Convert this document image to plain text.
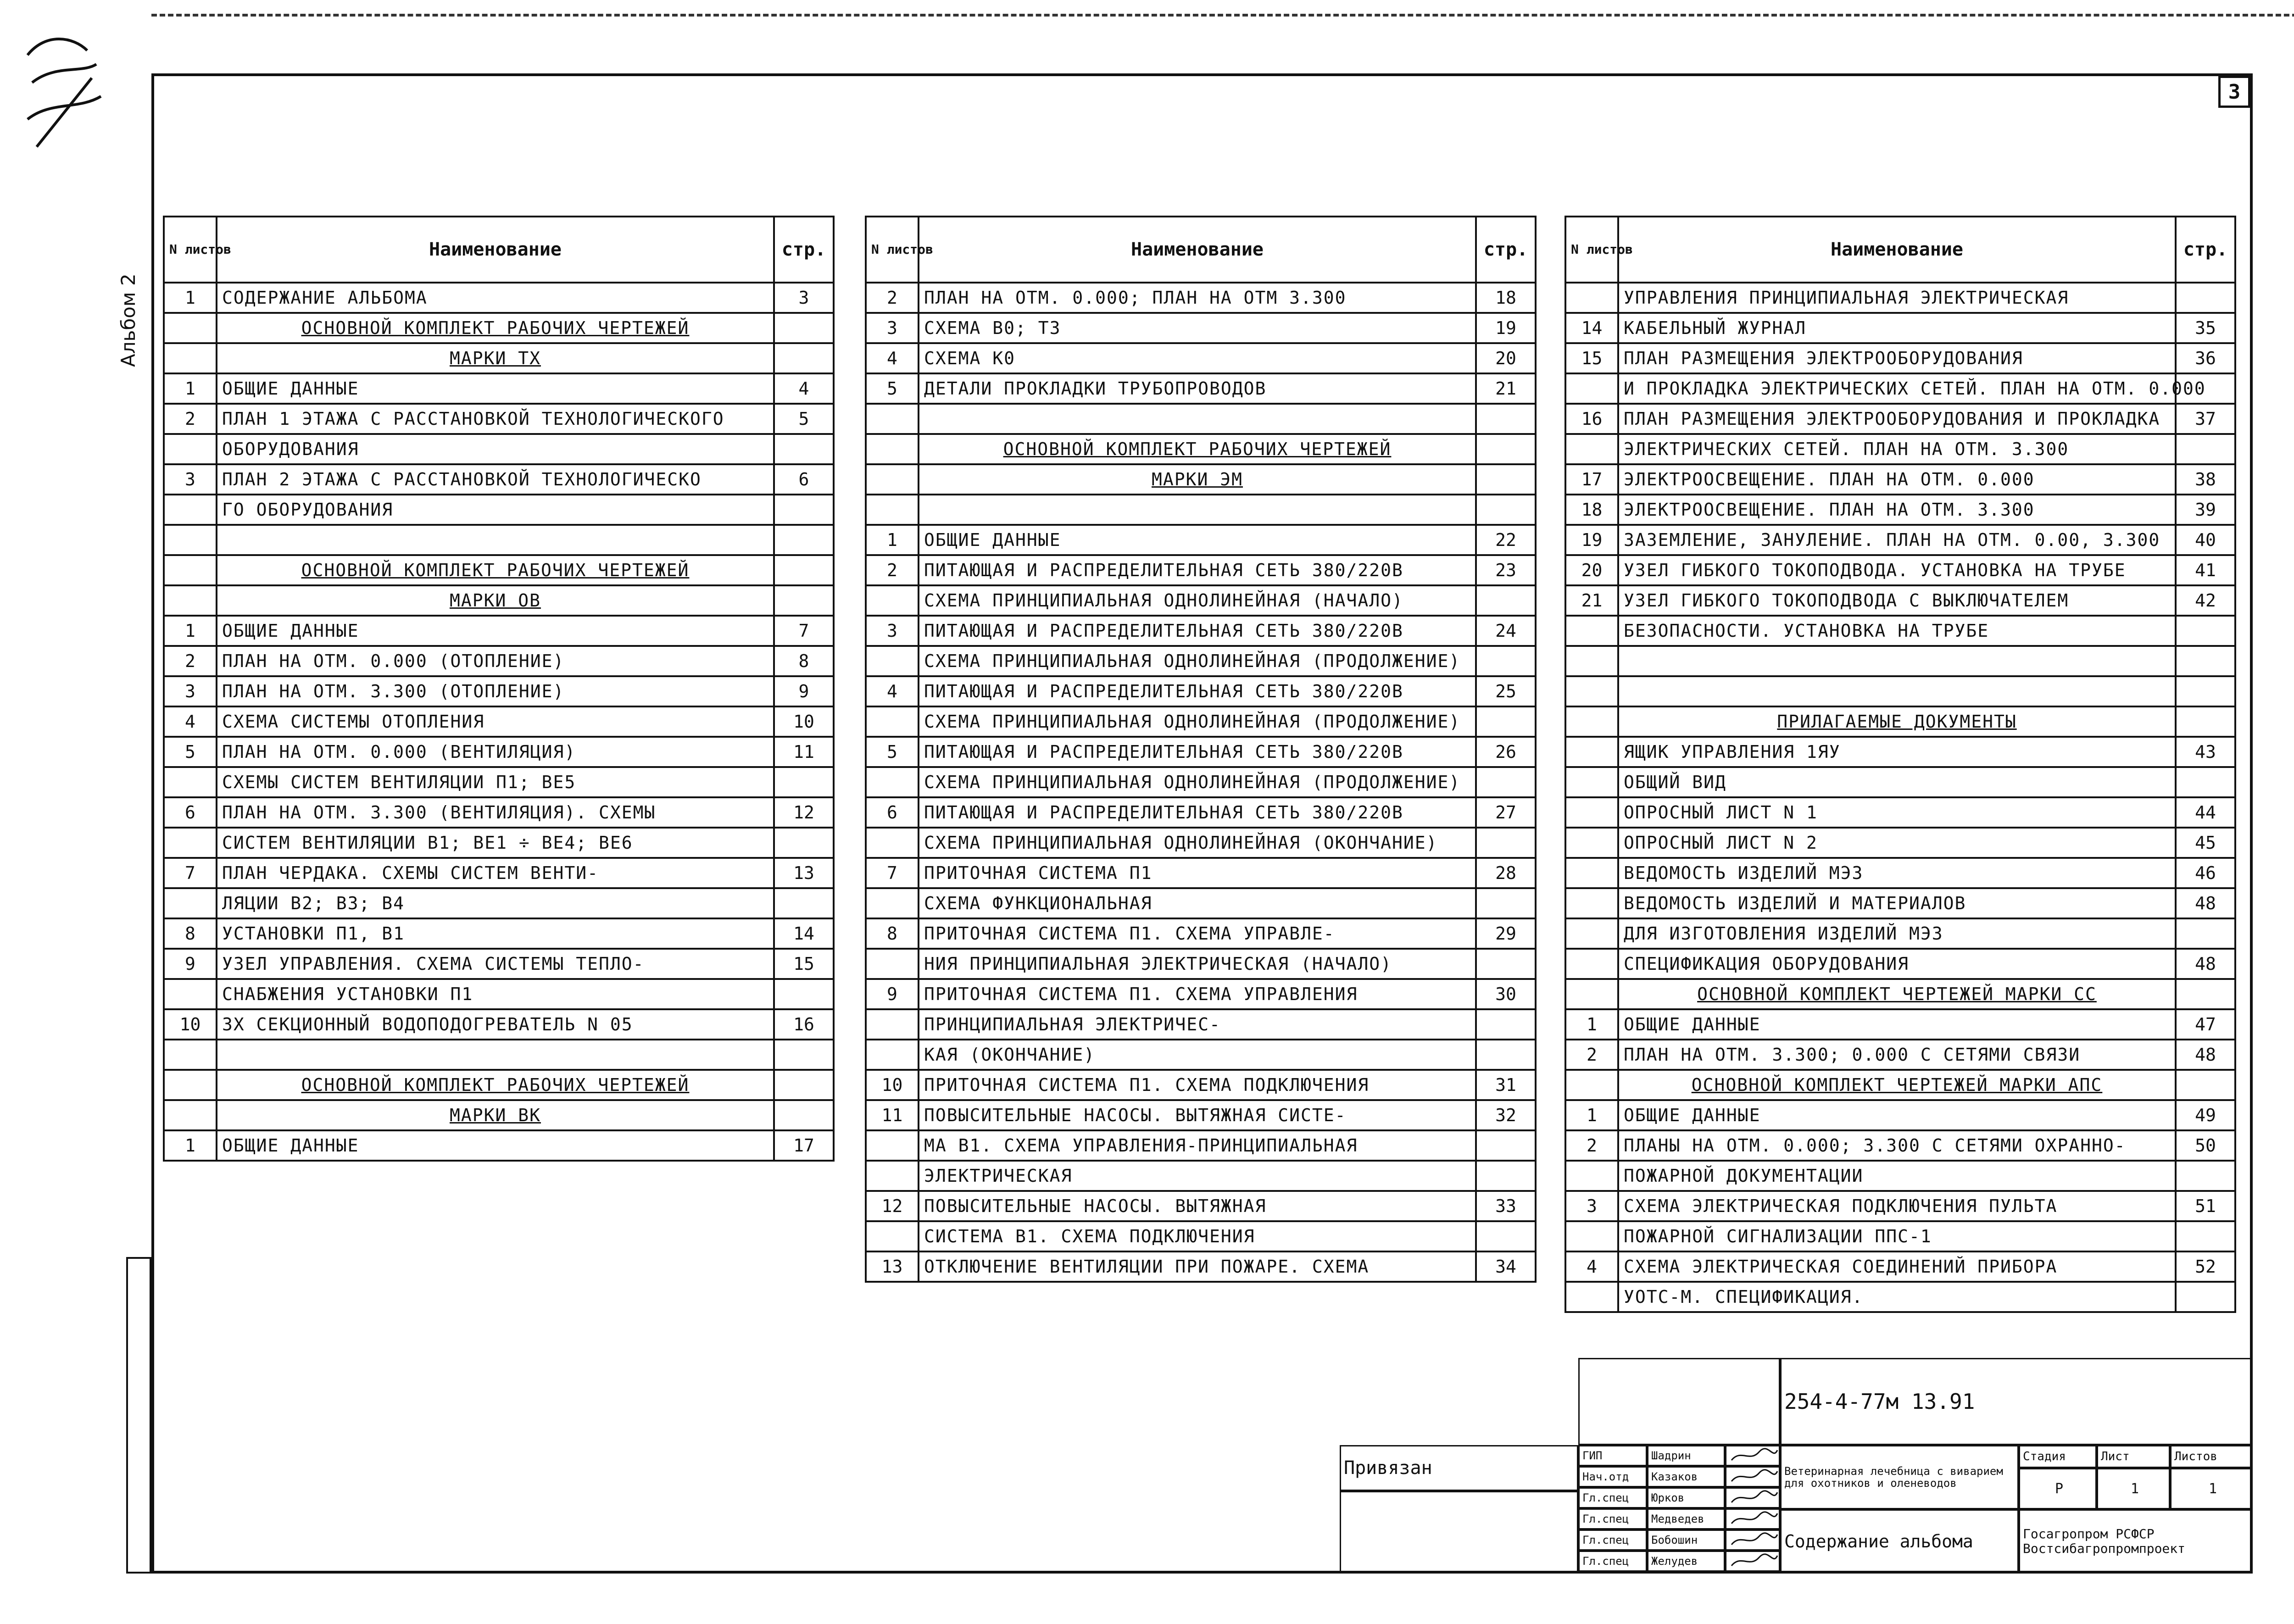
3
Альбом 2
N листов	Наименование	стр.
1	СОДЕРЖАНИЕ АЛЬБОМА	3
	ОСНОВНОЙ КОМПЛЕКТ РАБОЧИХ ЧЕРТЕЖЕЙ	
	МАРКИ ТХ	
1	ОБЩИЕ ДАННЫЕ	4
2	ПЛАН 1 ЭТАЖА С РАССТАНОВКОЙ ТЕХНОЛОГИЧЕСКОГО	5
	ОБОРУДОВАНИЯ	
3	ПЛАН 2 ЭТАЖА С РАССТАНОВКОЙ ТЕХНОЛОГИЧЕСКО	6
	ГО ОБОРУДОВАНИЯ	

	ОСНОВНОЙ КОМПЛЕКТ РАБОЧИХ ЧЕРТЕЖЕЙ	
	МАРКИ ОВ	
1	ОБЩИЕ ДАННЫЕ	7
2	ПЛАН НА ОТМ. 0.000 (ОТОПЛЕНИЕ)	8
3	ПЛАН НА ОТМ. 3.300 (ОТОПЛЕНИЕ)	9
4	СХЕМА СИСТЕМЫ ОТОПЛЕНИЯ	10
5	ПЛАН НА ОТМ. 0.000 (ВЕНТИЛЯЦИЯ)	11
	СХЕМЫ СИСТЕМ ВЕНТИЛЯЦИИ П1; ВЕ5	
6	ПЛАН НА ОТМ. 3.300 (ВЕНТИЛЯЦИЯ). СХЕМЫ	12
	СИСТЕМ ВЕНТИЛЯЦИИ В1; ВЕ1 ÷ ВЕ4; ВЕ6	
7	ПЛАН ЧЕРДАКА. СХЕМЫ СИСТЕМ ВЕНТИ-	13
	ЛЯЦИИ В2; В3; В4	
8	УСТАНОВКИ П1, В1	14
9	УЗЕЛ УПРАВЛЕНИЯ. СХЕМА СИСТЕМЫ ТЕПЛО-	15
	СНАБЖЕНИЯ УСТАНОВКИ П1	
10	3Х СЕКЦИОННЫЙ ВОДОПОДОГРЕВАТЕЛЬ N 05	16

	ОСНОВНОЙ КОМПЛЕКТ РАБОЧИХ ЧЕРТЕЖЕЙ	
	МАРКИ ВК	
1	ОБЩИЕ ДАННЫЕ	17
N листов	Наименование	стр.
2	ПЛАН НА ОТМ. 0.000; ПЛАН НА ОТМ 3.300	18
3	СХЕМА В0; Т3	19
4	СХЕМА К0	20
5	ДЕТАЛИ ПРОКЛАДКИ ТРУБОПРОВОДОВ	21

	ОСНОВНОЙ КОМПЛЕКТ РАБОЧИХ ЧЕРТЕЖЕЙ	
	МАРКИ ЭМ	

1	ОБЩИЕ ДАННЫЕ	22
2	ПИТАЮЩАЯ И РАСПРЕДЕЛИТЕЛЬНАЯ СЕТЬ 380/220В	23
	СХЕМА ПРИНЦИПИАЛЬНАЯ ОДНОЛИНЕЙНАЯ (НАЧАЛО)	
3	ПИТАЮЩАЯ И РАСПРЕДЕЛИТЕЛЬНАЯ СЕТЬ 380/220В	24
	СХЕМА ПРИНЦИПИАЛЬНАЯ ОДНОЛИНЕЙНАЯ (ПРОДОЛЖЕНИЕ)	
4	ПИТАЮЩАЯ И РАСПРЕДЕЛИТЕЛЬНАЯ СЕТЬ 380/220В	25
	СХЕМА ПРИНЦИПИАЛЬНАЯ ОДНОЛИНЕЙНАЯ (ПРОДОЛЖЕНИЕ)	
5	ПИТАЮЩАЯ И РАСПРЕДЕЛИТЕЛЬНАЯ СЕТЬ 380/220В	26
	СХЕМА ПРИНЦИПИАЛЬНАЯ ОДНОЛИНЕЙНАЯ (ПРОДОЛЖЕНИЕ)	
6	ПИТАЮЩАЯ И РАСПРЕДЕЛИТЕЛЬНАЯ СЕТЬ 380/220В	27
	СХЕМА ПРИНЦИПИАЛЬНАЯ ОДНОЛИНЕЙНАЯ (ОКОНЧАНИЕ)	
7	ПРИТОЧНАЯ СИСТЕМА П1	28
	СХЕМА ФУНКЦИОНАЛЬНАЯ	
8	ПРИТОЧНАЯ СИСТЕМА П1. СХЕМА УПРАВЛЕ-	29
	НИЯ ПРИНЦИПИАЛЬНАЯ ЭЛЕКТРИЧЕСКАЯ (НАЧАЛО)	
9	ПРИТОЧНАЯ СИСТЕМА П1. СХЕМА УПРАВЛЕНИЯ	30
	ПРИНЦИПИАЛЬНАЯ ЭЛЕКТРИЧЕС-	
	КАЯ (ОКОНЧАНИЕ)	
10	ПРИТОЧНАЯ СИСТЕМА П1. СХЕМА ПОДКЛЮЧЕНИЯ	31
11	ПОВЫСИТЕЛЬНЫЕ НАСОСЫ. ВЫТЯЖНАЯ СИСТЕ-	32
	МА В1. СХЕМА УПРАВЛЕНИЯ-ПРИНЦИПИАЛЬНАЯ	
	ЭЛЕКТРИЧЕСКАЯ	
12	ПОВЫСИТЕЛЬНЫЕ НАСОСЫ. ВЫТЯЖНАЯ	33
	СИСТЕМА В1. СХЕМА ПОДКЛЮЧЕНИЯ	
13	ОТКЛЮЧЕНИЕ ВЕНТИЛЯЦИИ ПРИ ПОЖАРЕ. СХЕМА	34
N листов	Наименование	стр.
	УПРАВЛЕНИЯ ПРИНЦИПИАЛЬНАЯ ЭЛЕКТРИЧЕСКАЯ	
14	КАБЕЛЬНЫЙ ЖУРНАЛ	35
15	ПЛАН РАЗМЕЩЕНИЯ ЭЛЕКТРООБОРУДОВАНИЯ	36
	И ПРОКЛАДКА ЭЛЕКТРИЧЕСКИХ СЕТЕЙ. ПЛАН НА ОТМ. 0.000	
16	ПЛАН РАЗМЕЩЕНИЯ ЭЛЕКТРООБОРУДОВАНИЯ И ПРОКЛАДКА	37
	ЭЛЕКТРИЧЕСКИХ СЕТЕЙ. ПЛАН НА ОТМ. 3.300	
17	ЭЛЕКТРООСВЕЩЕНИЕ. ПЛАН НА ОТМ. 0.000	38
18	ЭЛЕКТРООСВЕЩЕНИЕ. ПЛАН НА ОТМ. 3.300	39
19	ЗАЗЕМЛЕНИЕ, ЗАНУЛЕНИЕ. ПЛАН НА ОТМ. 0.00, 3.300	40
20	УЗЕЛ ГИБКОГО ТОКОПОДВОДА. УСТАНОВКА НА ТРУБЕ	41
21	УЗЕЛ ГИБКОГО ТОКОПОДВОДА С ВЫКЛЮЧАТЕЛЕМ	42
	БЕЗОПАСНОСТИ. УСТАНОВКА НА ТРУБЕ	

	ПРИЛАГАЕМЫЕ ДОКУМЕНТЫ	
	ЯЩИК УПРАВЛЕНИЯ 1ЯУ	43
	ОБЩИЙ ВИД	
	ОПРОСНЫЙ ЛИСТ N 1	44
	ОПРОСНЫЙ ЛИСТ N 2	45
	ВЕДОМОСТЬ ИЗДЕЛИЙ МЭЗ	46
	ВЕДОМОСТЬ ИЗДЕЛИЙ И МАТЕРИАЛОВ	48
	ДЛЯ ИЗГОТОВЛЕНИЯ ИЗДЕЛИЙ МЭЗ	
	СПЕЦИФИКАЦИЯ ОБОРУДОВАНИЯ	48
	ОСНОВНОЙ КОМПЛЕКТ ЧЕРТЕЖЕЙ МАРКИ СС	
1	ОБЩИЕ ДАННЫЕ	47
2	ПЛАН НА ОТМ. 3.300; 0.000 С СЕТЯМИ СВЯЗИ	48
	ОСНОВНОЙ КОМПЛЕКТ ЧЕРТЕЖЕЙ МАРКИ АПС	
1	ОБЩИЕ ДАННЫЕ	49
2	ПЛАНЫ НА ОТМ. 0.000; 3.300 С СЕТЯМИ ОХРАННО-	50
	ПОЖАРНОЙ ДОКУМЕНТАЦИИ	
3	СХЕМА ЭЛЕКТРИЧЕСКАЯ ПОДКЛЮЧЕНИЯ ПУЛЬТА	51
	ПОЖАРНОЙ СИГНАЛИЗАЦИИ ППС-1	
4	СХЕМА ЭЛЕКТРИЧЕСКАЯ СОЕДИНЕНИЙ ПРИБОРА	52
	УОТС-М. СПЕЦИФИКАЦИЯ.	
Привязан
ГИП	Шадрин
Нач.отд	Казаков
Гл.спец	Юрков
Гл.спец	Медведев
Гл.спец	Бобошин
Гл.спец	Желудев
254-4-77м 13.91
Ветеринарная лечебница с виварием для охотников и оленеводов
Стадия	Лист	Листов
Р	1	1
Содержание альбома	Госагропром РСФСР Востсибагропромпроект
